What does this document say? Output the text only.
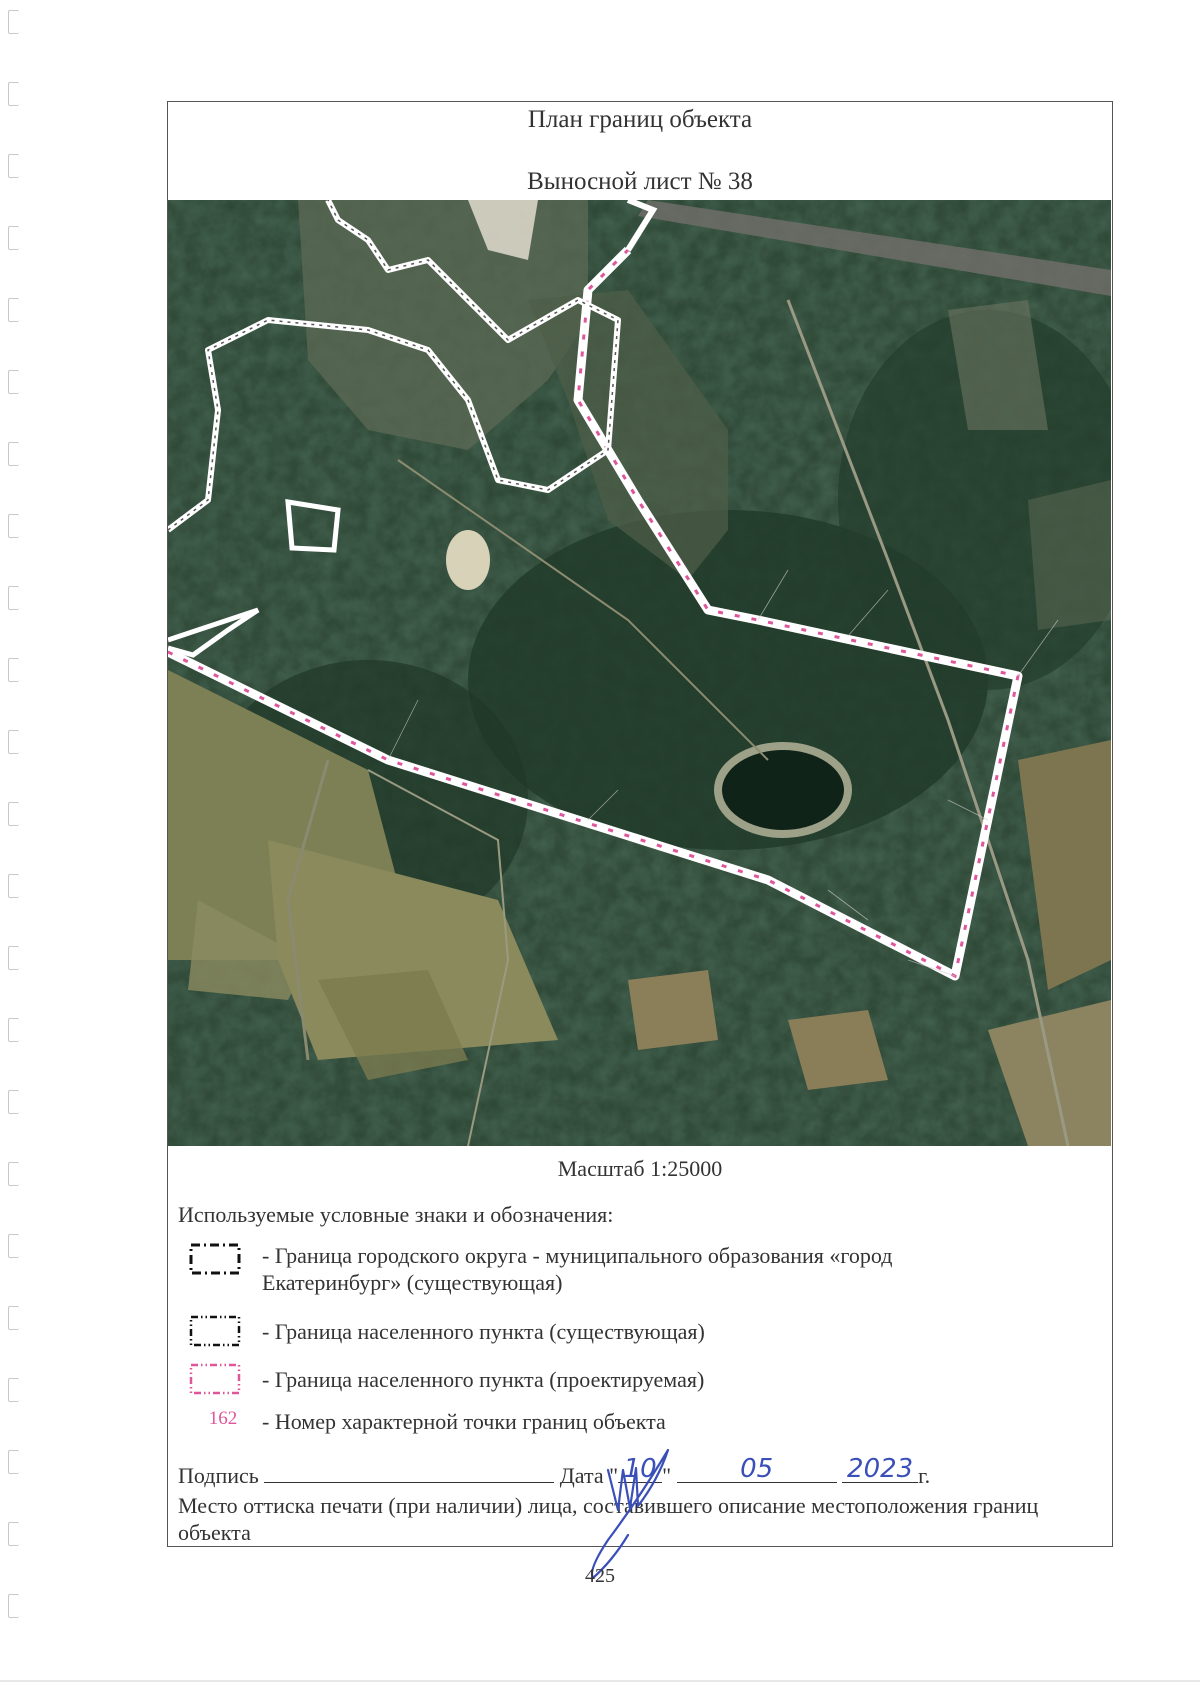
План границ объекта
Выносной лист № 38
Масштаб 1:25000
Используемые условные знаки и обозначения:
- Граница городского округа - муниципального образования «город Екатеринбург» (существующая)
- Граница населенного пункта (существующая)
- Граница населенного пункта (проектируемая)
162	- Номер характерной точки границ объекта
Подпись	Дата " 10 "	05
	2023 г.
Место оттиска печати (при наличии) лица, составившего описание местоположения границ объекта
425
